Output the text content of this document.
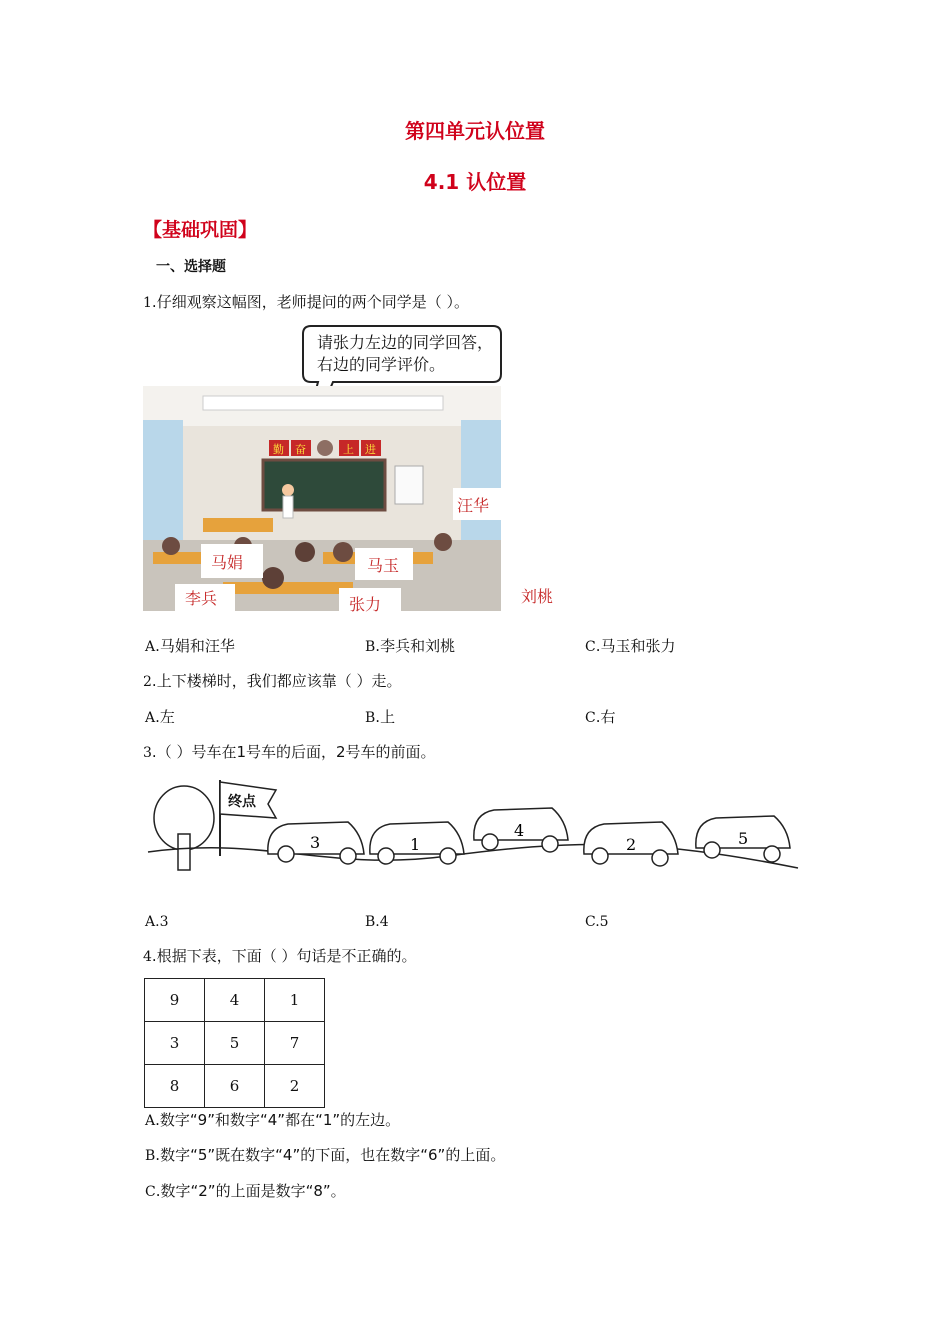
第四单元认位置
4.1 认位置
【基础巩固】
一、选择题
1.仔细观察这幅图，老师提问的两个同学是（ ）。
请张力左边的同学回答，
右边的同学评价。
勤 奋	上 进
汪华
马娟	马玉
李兵	张力	刘桃
A.马娟和汪华	B.李兵和刘桃	C.马玉和张力
2.上下楼梯时，我们都应该靠（ ）走。
A.左	B.上	C.右
3.（ ）号车在1号车的后面，2号车的前面。
终点
3	1
4
2	5
A.3	B.4	C.5
4.根据下表，下面（ ）句话是不正确的。
9	4	1
3	5	7
8	6	2
A.数字“9”和数字“4”都在“1”的左边。
B.数字“5”既在数字“4”的下面，也在数字“6”的上面。
C.数字“2”的上面是数字“8”。
